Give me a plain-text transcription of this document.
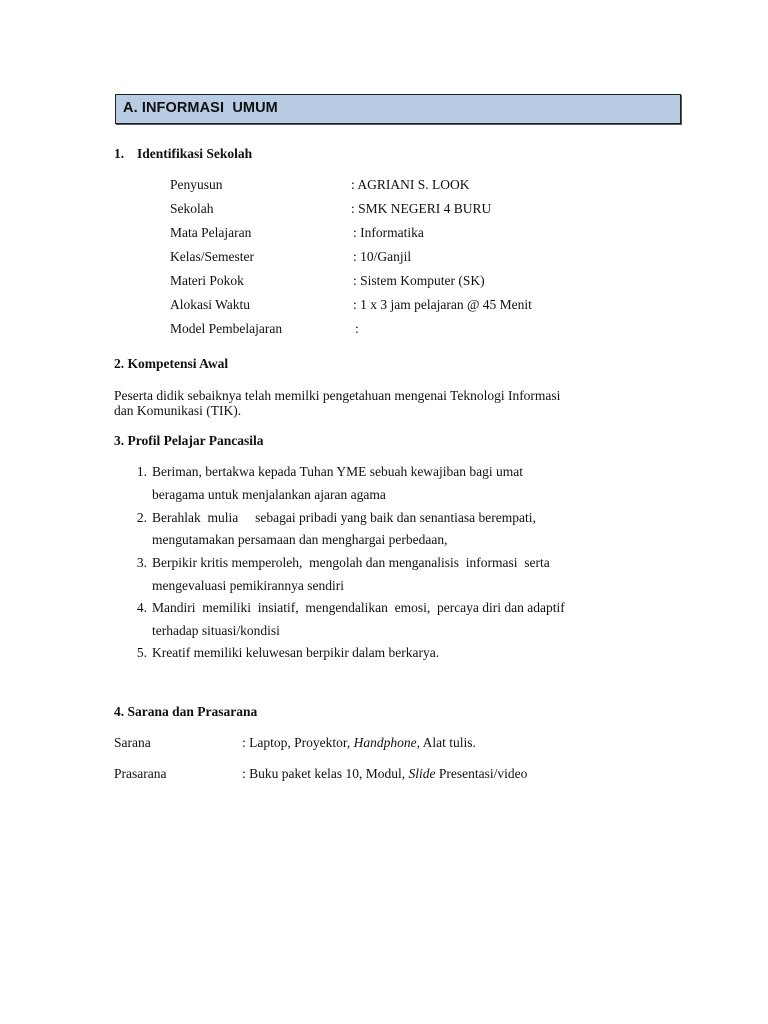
A. INFORMASI  UMUM
1. Identifikasi Sekolah
Penyusun	: AGRIANI S. LOOK
Sekolah	: SMK NEGERI 4 BURU
Mata Pelajaran	: Informatika
Kelas/Semester	: 10/Ganjil
Materi Pokok	: Sistem Komputer (SK)
Alokasi Waktu	: 1 x 3 jam pelajaran @ 45 Menit
Model Pembelajaran	:
2. Kompetensi Awal
Peserta didik sebaiknya telah memilki pengetahuan mengenai Teknologi Informasi
dan Komunikasi (TIK).
3. Profil Pelajar Pancasila
1. Beriman, bertakwa kepada Tuhan YME sebuah kewajiban bagi umat
beragama untuk menjalankan ajaran agama
2. Berahlak  mulia     sebagai pribadi yang baik dan senantiasa berempati,
mengutamakan persamaan dan menghargai perbedaan,
3. Berpikir kritis memperoleh,  mengolah dan menganalisis  informasi  serta
mengevaluasi pemikirannya sendiri
4. Mandiri  memiliki  insiatif,  mengendalikan  emosi,  percaya diri dan adaptif
terhadap situasi/kondisi
5. Kreatif memiliki keluwesan berpikir dalam berkarya.
4. Sarana dan Prasarana
Sarana	: Laptop, Proyektor, Handphone, Alat tulis.
Prasarana	: Buku paket kelas 10, Modul, Slide Presentasi/video
